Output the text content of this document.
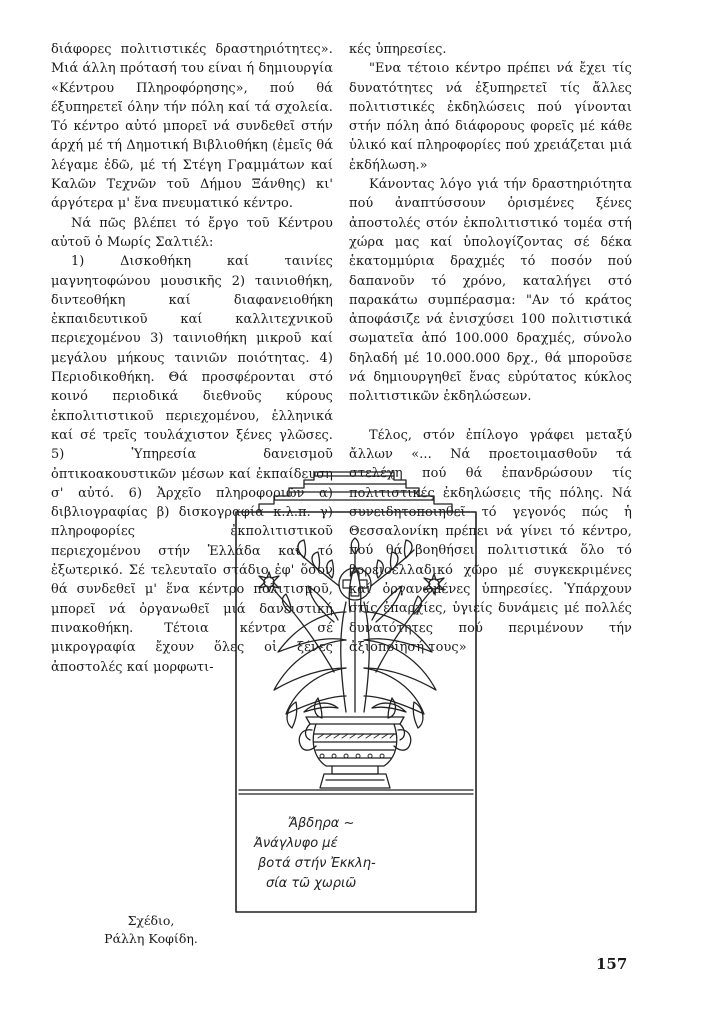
διάφορες πολιτιστικές δραστηριότητες». Μιά άλλη πρότασή του είναι ή δημιουργία «Κέντρου Πληροφόρησης», πού θά έξυπηρετεῖ όλην τήν πόλη καί τά σχολεία. Τό κέντρο αὐτό μπορεῖ νά συνδεθεῖ στήν άρχή μέ τή Δημοτική Βιβλιοθήκη (ἐμεῖς θά λέγαμε ἐδῶ, μέ τή Στέγη Γραμμάτων καί Καλῶν Τεχνῶν τοῦ Δήμου Ξάνθης) κι' άργότερα μ' ἕνα πνευματικό κέντρο.

Νά πῶς βλέπει τό ἔργο τοῦ Κέντρου αὐτοῦ ὁ Μωρίς Σαλτιέλ:

1) Δισκοθήκη καί ταινίες μαγνητοφώνου μουσικῆς 2) ταινιοθήκη, διντεοθήκη καί διαφανειοθήκη ἐκπαιδευτικοῦ καί καλλιτεχνικοῦ περιεχομένου 3) ταινιοθήκη μικροῦ καί μεγάλου μήκους ταινιῶν ποιότητας. 4) Περιοδικοθήκη. Θά προσφέρονται στό κοινό περιοδικά διεθνοῦς κύρους ἐκπολιτιστικοῦ περιεχομένου, ἑλληνικά καί σέ τρεῖς τουλάχιστον ξένες γλῶσες. 5) Ὑπηρεσία δανεισμοῦ ὀπτικοακουστικῶν μέσων καί ἐκπαίδευση σ' αὐτό. 6) Ἀρχεῖο πληροφοριῶν α) διβλιογραφίας β) δισκογραφία κ.λ.π. γ) πληροφορίες ἐκπολιτιστικοῦ περιεχομένου στήν Ἑλλάδα καί τό ἐξωτερικό. Σέ τελευταῖο στάδιο ἐφ' ὅσον θά συνδεθεῖ μ' ἕνα κέντρο πολιτισμοῦ, μπορεῖ νά ὀργανωθεῖ μιά δανειστική πινακοθήκη. Τέτοια κέντρα σέ μικρογραφία ἔχουν ὅλες οἱ ξένες ἀποστολές καί μορφωτι-

κές ὑπηρεσίες.

"Ενα τέτοιο κέντρο πρέπει νά ἔχει τίς δυνατότητες νά ἐξυπηρετεῖ τίς ἄλλες πολιτιστικές ἐκδηλώσεις πού γίνονται στήν πόλη ἀπό διάφορους φορεῖς μέ κάθε ὑλικό καί πληροφορίες πού χρειάζεται μιά ἐκδήλωση.»

Κάνοντας λόγο γιά τήν δραστηριότητα πού ἀναπτύσσουν ὁρισμένες ξένες ἀποστολές στόν ἐκπολιτιστικό τομέα στή χώρα μας καί ὑπολογίζοντας σέ δέκα ἑκατομμύρια δραχμές τό ποσόν πού δαπανοῦν τό χρόνο, καταλήγει στό παρακάτω συμπέρασμα: "Αν τό κράτος ἀποφάσιζε νά ἐνισχύσει 100 πολιτιστικά σωματεῖα ἀπό 100.000 δραχμές, σύνολο δηλαδή μέ 10.000.000 δρχ., θά μποροῦσε νά δημιουργηθεῖ ἕνας εὐρύτατος κύκλος πολιτιστικῶν ἐκδηλώσεων.

Τέλος, στόν ἐπίλογο γράφει μεταξύ ἄλλων «... Νά προετοιμασθοῦν τά στελέχη πού θά ἐπανδρώσουν τίς πολιτιστικές ἐκδηλώσεις τῆς πόλης. Νά συνειδητοποιηθεῖ τό γεγονός πώς ἡ Θεσσαλονίκη πρέπει νά γίνει τό κέντρο, πού θά βοηθήσει πολιτιστικά ὅλο τό βορειοελλαδικό χῶρο μέ συγκεκριμένες καί ὀργανωμένες ὑπηρεσίες. Ὑπάρχουν στίς ἐπαρχίες, ὑγιείς δυνάμεις μέ πολλές δυνατότητες πού περιμένουν τήν ἀξιοποίησή τους»

Ἄβδηρα ~
Ἀνάγλυφο μέ
βοτά στήν Ἐκκλη-
σία τῶ χωριῶ
Σχέδιο,
Ράλλη Κοφίδη.
157
